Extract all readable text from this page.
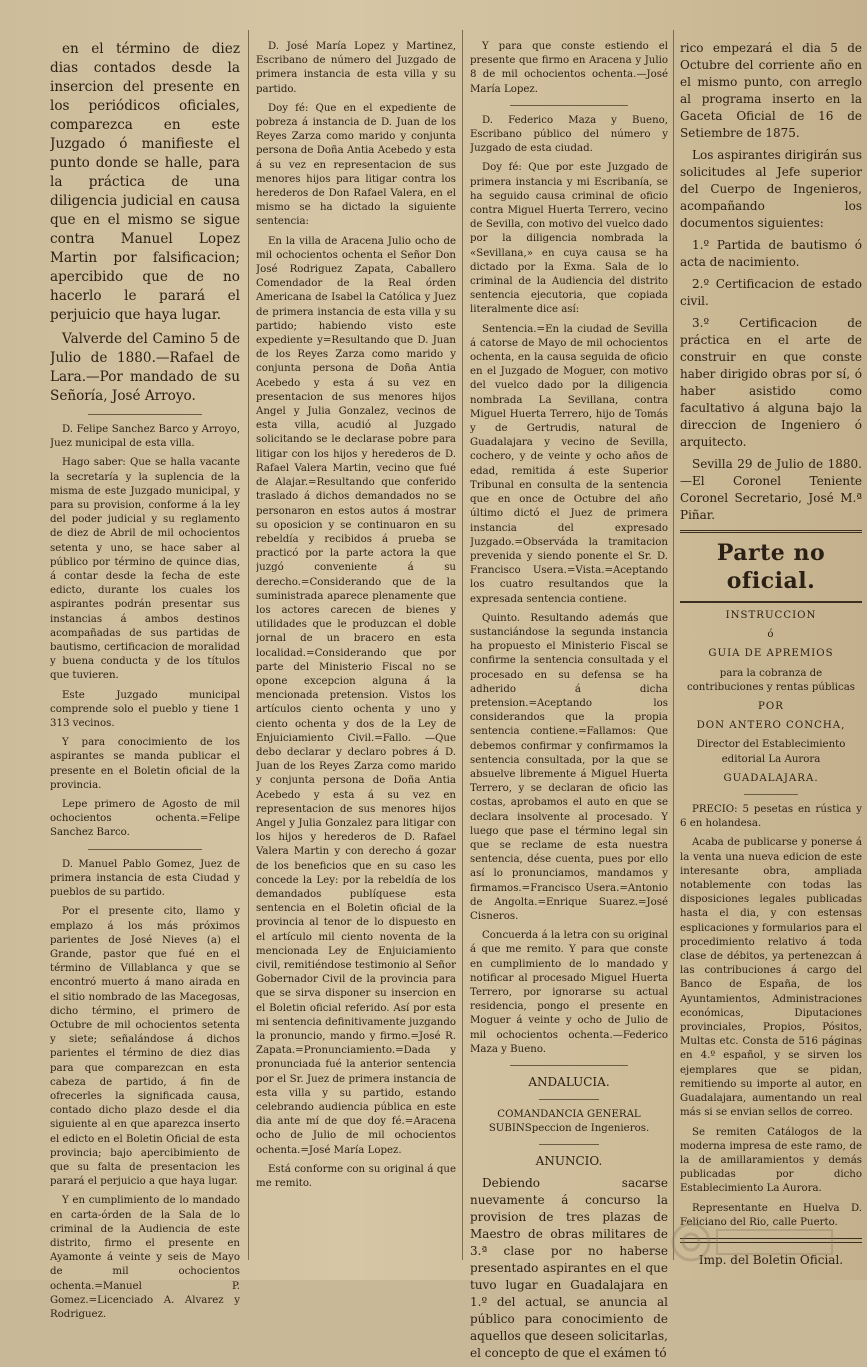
en el término de diez dias contados desde la insercion del presente en los periódicos oficiales, comparezca en este Juzgado ó manifieste el punto donde se halle, para la práctica de una diligencia judicial en causa que en el mismo se sigue contra Manuel Lopez Martin por falsificacion; apercibido que de no hacerlo le parará el perjuicio que haya lugar.

Valverde del Camino 5 de Julio de 1880.—Rafael de Lara.—Por mandado de su Señoría, José Arroyo.

D. Felipe Sanchez Barco y Arroyo, Juez municipal de esta villa.

Hago saber: Que se halla vacante la secretaría y la suplencia de la misma de este Juzgado municipal, y para su provision, conforme á la ley del poder judicial y su reglamento de diez de Abril de mil ochocientos setenta y uno, se hace saber al público por término de quince dias, á contar desde la fecha de este edicto, durante los cuales los aspirantes podrán presentar sus instancias á ambos destinos acompañadas de sus partidas de bautismo, certificacion de moralidad y buena conducta y de los títulos que tuvieren.

Este Juzgado municipal comprende solo el pueblo y tiene 1 313 vecinos.

Y para conocimiento de los aspirantes se manda publicar el presente en el Boletin oficial de la provincia.

Lepe primero de Agosto de mil ochocientos ochenta.=Felipe Sanchez Barco.

D. Manuel Pablo Gomez, Juez de primera instancia de esta Ciudad y pueblos de su partido.

Por el presente cito, llamo y emplazo á los más próximos parientes de José Nieves (a) el Grande, pastor que fué en el término de Villablanca y que se encontró muerto á mano airada en el sitio nombrado de las Macegosas, dicho término, el primero de Octubre de mil ochocientos setenta y siete; señalándose á dichos parientes el término de diez dias para que comparezcan en esta cabeza de partido, á fin de ofrecerles la significada causa, contado dicho plazo desde el dia siguiente al en que aparezca inserto el edicto en el Boletin Oficial de esta provincia; bajo apercibimiento de que su falta de presentacion les parará el perjuicio a que haya lugar.

Y en cumplimiento de lo mandado en carta-órden de la Sala de lo criminal de la Audiencia de este distrito, firmo el presente en Ayamonte á veinte y seis de Mayo de mil ochocientos ochenta.=Manuel P. Gomez.=Licenciado A. Alvarez y Rodriguez.

D. José María Lopez y Martinez, Escribano de número del Juzgado de primera instancia de esta villa y su partido.

Doy fé: Que en el expediente de pobreza á instancia de D. Juan de los Reyes Zarza como marido y conjunta persona de Doña Antia Acebedo y esta á su vez en representacion de sus menores hijos para litigar contra los herederos de Don Rafael Valera, en el mismo se ha dictado la siguiente sentencia:

En la villa de Aracena Julio ocho de mil ochocientos ochenta el Señor Don José Rodriguez Zapata, Caballero Comendador de la Real órden Americana de Isabel la Católica y Juez de primera instancia de esta villa y su partido; habiendo visto este expediente y=Resultando que D. Juan de los Reyes Zarza como marido y conjunta persona de Doña Antia Acebedo y esta á su vez en presentacion de sus menores hijos Angel y Julia Gonzalez, vecinos de esta villa, acudió al Juzgado solicitando se le declarase pobre para litigar con los hijos y herederos de D. Rafael Valera Martin, vecino que fué de Alajar.=Resultando que conferido traslado á dichos demandados no se personaron en estos autos á mostrar su oposicion y se continuaron en su rebeldía y recibidos á prueba se practicó por la parte actora la que juzgó conveniente á su derecho.=Considerando que de la suministrada aparece plenamente que los actores carecen de bienes y utilidades que le produzcan el doble jornal de un bracero en esta localidad.=Considerando que por parte del Ministerio Fiscal no se opone excepcion alguna á la mencionada pretension. Vistos los artículos ciento ochenta y uno y ciento ochenta y dos de la Ley de Enjuiciamiento Civil.=Fallo. —Que debo declarar y declaro pobres á D. Juan de los Reyes Zarza como marido y conjunta persona de Doña Antia Acebedo y esta á su vez en representacion de sus menores hijos Angel y Julia Gonzalez para litigar con los hijos y herederos de D. Rafael Valera Martin y con derecho á gozar de los beneficios que en su caso les concede la Ley: por la rebeldía de los demandados publíquese esta sentencia en el Boletin oficial de la provincia al tenor de lo dispuesto en el artículo mil ciento noventa de la mencionada Ley de Enjuiciamiento civil, remitiéndose testimonio al Señor Gobernador Civil de la provincia para que se sirva disponer su insercion en el Boletin oficial referido. Así por esta mi sentencia definitivamente juzgando la pronuncio, mando y firmo.=José R. Zapata.=Pronunciamiento.=Dada y pronunciada fué la anterior sentencia por el Sr. Juez de primera instancia de esta villa y su partido, estando celebrando audiencia pública en este dia ante mí de que doy fé.=Aracena ocho de Julio de mil ochocientos ochenta.=José María Lopez.

Está conforme con su original á que me remito.

Y para que conste estiendo el presente que firmo en Aracena y Julio 8 de mil ochocientos ochenta.—José María Lopez.

D. Federico Maza y Bueno, Escribano público del número y Juzgado de esta ciudad.

Doy fé: Que por este Juzgado de primera instancia y mi Escribanía, se ha seguido causa criminal de oficio contra Miguel Huerta Terrero, vecino de Sevilla, con motivo del vuelco dado por la diligencia nombrada la «Sevillana,» en cuya causa se ha dictado por la Exma. Sala de lo criminal de la Audiencia del distrito sentencia ejecutoria, que copiada literalmente dice así:

Sentencia.=En la ciudad de Sevilla á catorse de Mayo de mil ochocientos ochenta, en la causa seguida de oficio en el Juzgado de Moguer, con motivo del vuelco dado por la diligencia nombrada La Sevillana, contra Miguel Huerta Terrero, hijo de Tomás y de Gertrudis, natural de Guadalajara y vecino de Sevilla, cochero, y de veinte y ocho años de edad, remitida á este Superior Tribunal en consulta de la sentencia que en once de Octubre del año último dictó el Juez de primera instancia del expresado Juzgado.=Observáda la tramitacion prevenida y siendo ponente el Sr. D. Francisco Usera.=Vista.=Aceptando los cuatro resultandos que la expresada sentencia contiene.

Quinto. Resultando además que sustanciándose la segunda instancia ha propuesto el Ministerio Fiscal se confirme la sentencia consultada y el procesado en su defensa se ha adherido á dicha pretension.=Aceptando los considerandos que la propia sentencia contiene.=Fallamos: Que debemos confirmar y confirmamos la sentencia consultada, por la que se absuelve libremente á Miguel Huerta Terrero, y se declaran de oficio las costas, aprobamos el auto en que se declara insolvente al procesado. Y luego que pase el término legal sin que se reclame de esta nuestra sentencia, dése cuenta, pues por ello así lo pronunciamos, mandamos y firmamos.=Francisco Usera.=Antonio de Angolta.=Enrique Suarez.=José Cisneros.

Concuerda á la letra con su original á que me remito. Y para que conste en cumplimiento de lo mandado y notificar al procesado Miguel Huerta Terrero, por ignorarse su actual residencia, pongo el presente en Moguer á veinte y ocho de Julio de mil ochocientos ochenta.—Federico Maza y Bueno.

ANDALUCIA.

COMANDANCIA GENERAL SUBINSpeccion de Ingenieros.

ANUNCIO.

Debiendo sacarse nuevamente á concurso la provision de tres plazas de Maestro de obras militares de 3.ª clase por no haberse presentado aspirantes en el que tuvo lugar en Guadalajara en 1.º del actual, se anuncia al público para conocimiento de aquellos que deseen solicitarlas, el concepto de que el exámen tó

rico empezará el dia 5 de Octubre del corriente año en el mismo punto, con arreglo al programa inserto en la Gaceta Oficial de 16 de Setiembre de 1875.

Los aspirantes dirigirán sus solicitudes al Jefe superior del Cuerpo de Ingenieros, acompañando los documentos siguientes:

1.º Partida de bautismo ó acta de nacimiento.

2.º Certificacion de estado civil.

3.º Certificacion de práctica en el arte de construir en que conste haber dirigido obras por sí, ó haber asistido como facultativo á alguna bajo la direccion de Ingeniero ó arquitecto.

Sevilla 29 de Julio de 1880. —El Coronel Teniente Coronel Secretario, José M.ª Piñar.

Parte no oficial.

INSTRUCCION

ó

GUIA DE APREMIOS

para la cobranza de contribuciones y rentas públicas

POR

DON ANTERO CONCHA,

Director del Establecimiento editorial La Aurora

GUADALAJARA.

PRECIO: 5 pesetas en rústica y 6 en holandesa.

Acaba de publicarse y ponerse á la venta una nueva edicion de este interesante obra, ampliada notablemente con todas las disposiciones legales publicadas hasta el dia, y con estensas esplicaciones y formularios para el procedimiento relativo á toda clase de débitos, ya pertenezcan á las contribuciones á cargo del Banco de España, de los Ayuntamientos, Administraciones económicas, Diputaciones provinciales, Propios, Pósitos, Multas etc. Consta de 516 páginas en 4.º español, y se sirven los ejemplares que se pidan, remitiendo su importe al autor, en Guadalajara, aumentando un real más si se envian sellos de correo.

Se remiten Catálogos de la moderna impresa de este ramo, de la de amillaramientos y demás publicadas por dicho Establecimiento La Aurora.

Representante en Huelva D. Feliciano del Rio, calle Puerto.

Imp. del Boletin Oficial.
